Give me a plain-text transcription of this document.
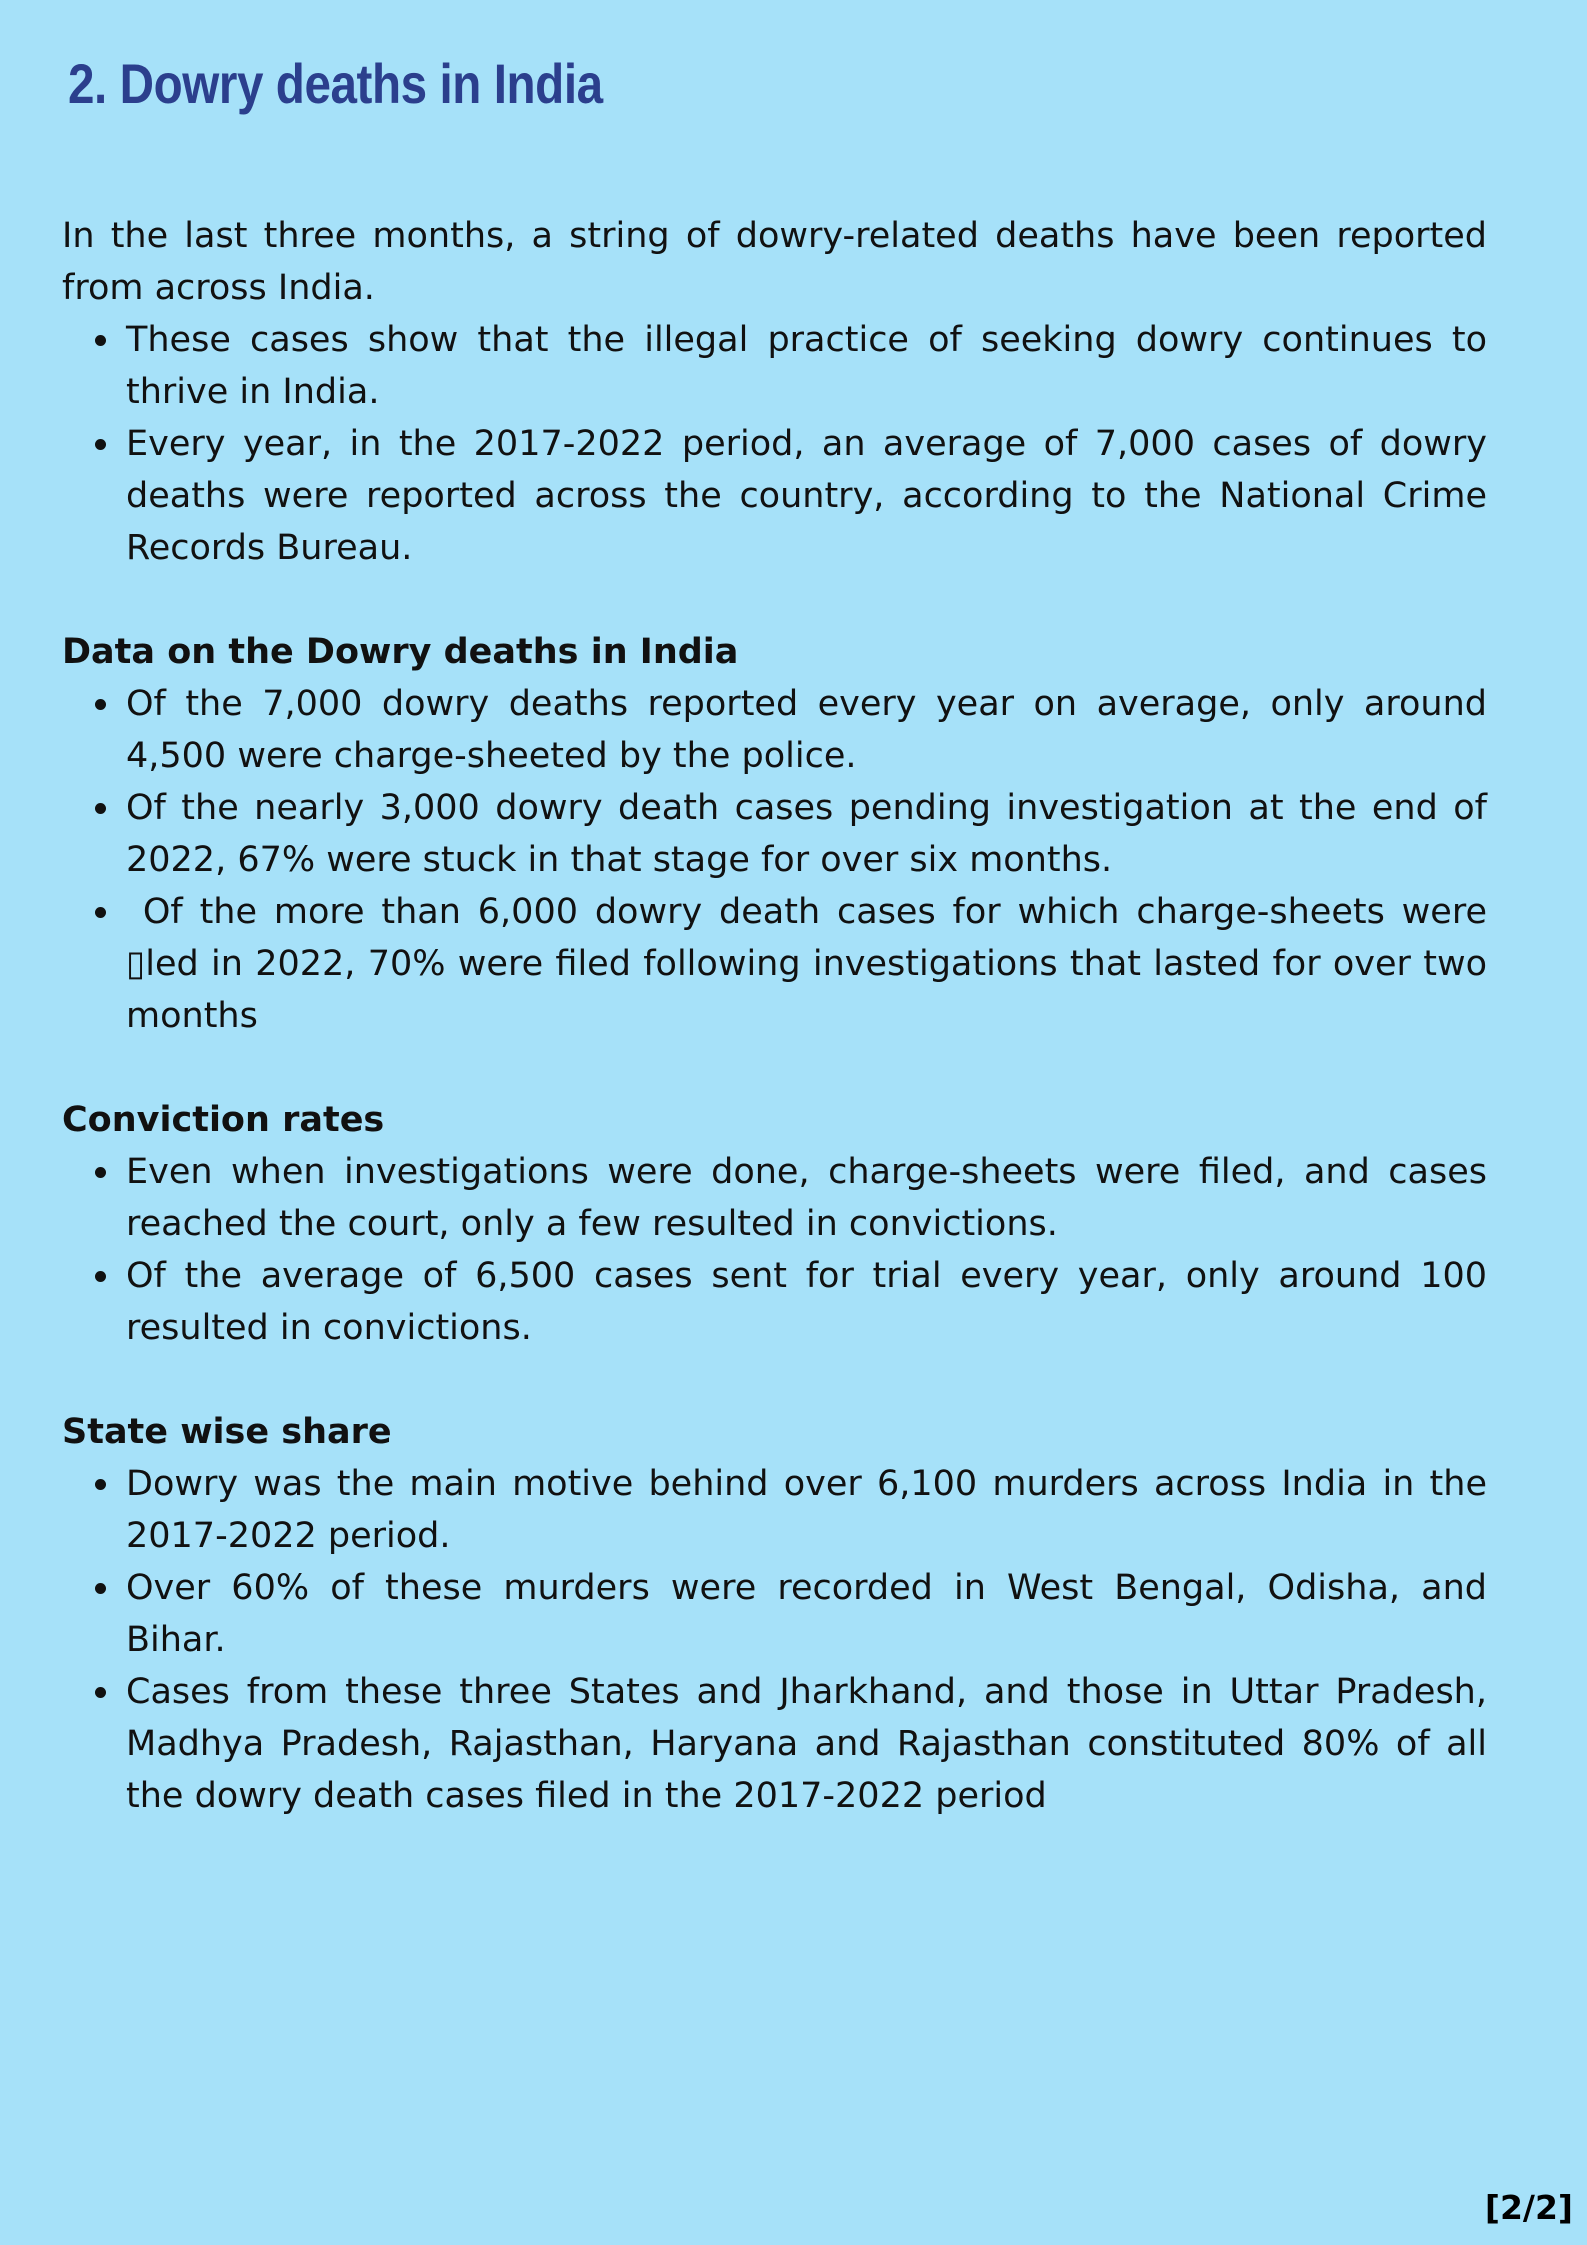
2. Dowry deaths in India

In the last three months, a string of dowry-related deaths have been reported from across India.

These cases show that the illegal practice of seeking dowry continues to thrive in India.
Every year, in the 2017-2022 period, an average of 7,000 cases of dowry deaths were reported across the country, according to the National Crime Records Bureau.
Data on the Dowry deaths in India
Of the 7,000 dowry deaths reported every year on average, only around 4,500 were charge-sheeted by the police.
Of the nearly 3,000 dowry death cases pending investigation at the end of 2022, 67% were stuck in that stage for over six months.
Of the more than 6,000 dowry death cases for which charge-sheets were ▯led in 2022, 70% were filed following investigations that lasted for over two months
Conviction rates
Even when investigations were done, charge-sheets were filed, and cases reached the court, only a few resulted in convictions.
Of the average of 6,500 cases sent for trial every year, only around 100 resulted in convictions.
State wise share
Dowry was the main motive behind over 6,100 murders across India in the 2017-2022 period.
Over 60% of these murders were recorded in West Bengal, Odisha, and Bihar.
Cases from these three States and Jharkhand, and those in Uttar Pradesh, Madhya Pradesh, Rajasthan, Haryana and Rajasthan constituted 80% of all the dowry death cases filed in the 2017-2022 period
[2/2]
